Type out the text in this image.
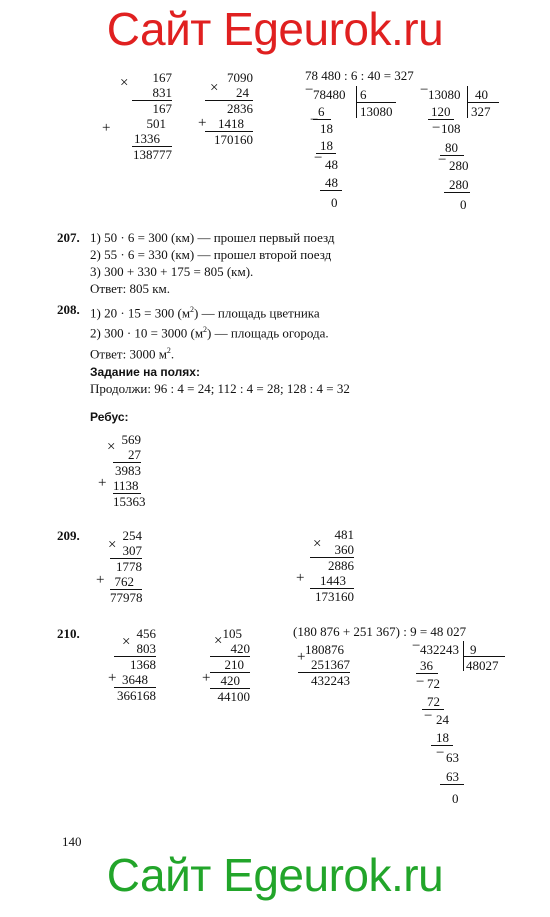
Сайт Egeurok.ru
×	167
831
167
501
1336
138777
+
×
7090
24
2836
1418
170160
+
78 480 : 6 : 40 = 327
78480 6
13080
−
6
−
18
18
− 48
48
0
13080 40
327
−
120
− 108
80
− 280
280
0
207. 1) 50 · 6 = 300 (км) — прошел первый поезд
2) 55 · 6 = 330 (км) — прошел второй поезд
3) 300 + 330 + 175 = 805 (км).
Ответ: 805 км.
208. 1) 20 · 15 = 300 $(м^2)$ — площадь цветника
2) 300 · 10 = 3000 $(м^2)$ — площадь огорода.
Ответ: 3000 $м^2$.
Задание на полях:
Продолжи: 96 : 4 = 24; 112 : 4 = 28; 128 : 4 = 32
Ребус:
× 569
27
3983
1138
15363
+
209.
×
254
307
1778
762
77978
+
×
481
360
2886
1443
173160
+
210.
×
456
803
1368
3648
366168
+
× 105
420
210
420
44100
+
(180 876 + 251 367) : 9 = 48 027
+ 180876
251367
432243
432243 9
48027
−
36
− 72
72
− 24
18
− 63
63
0
140
Сайт Egeurok.ru
